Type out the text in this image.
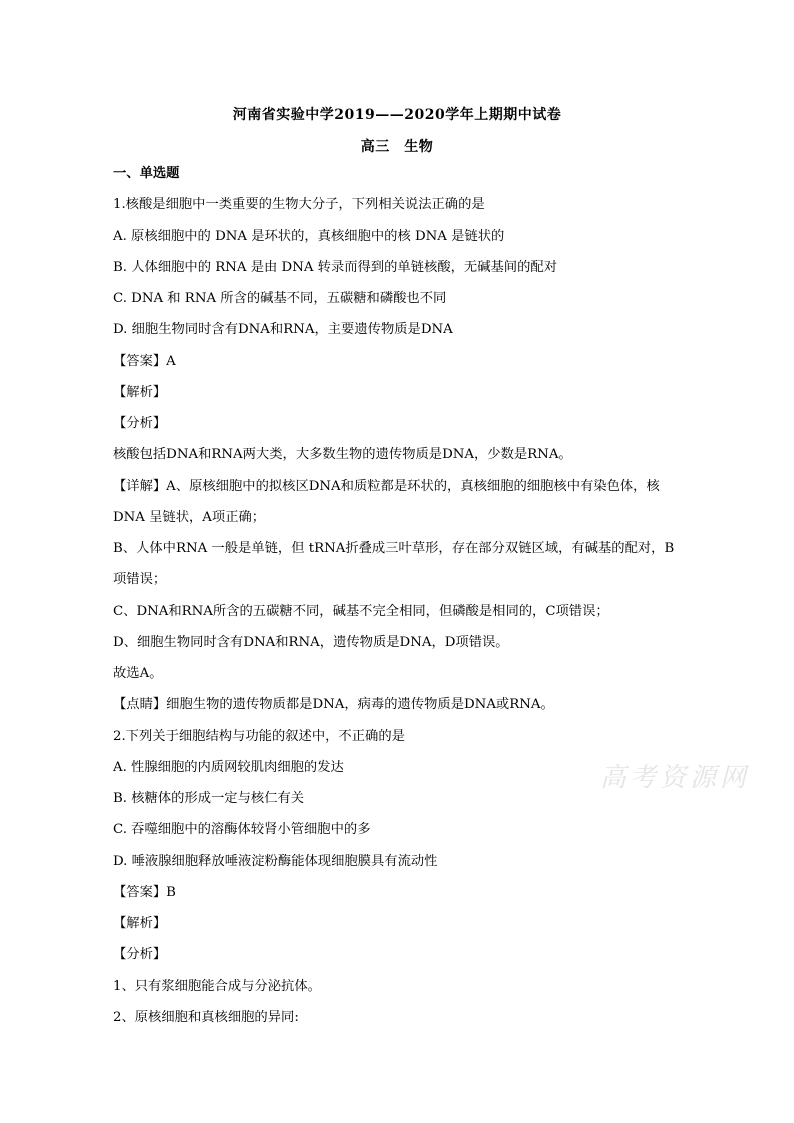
河南省实验中学2019——2020学年上期期中试卷
高三　生物
一、单选题
1.核酸是细胞中一类重要的生物大分子，下列相关说法正确的是
A. 原核细胞中的 DNA 是环状的，真核细胞中的核 DNA 是链状的
B. 人体细胞中的 RNA 是由 DNA 转录而得到的单链核酸，无碱基间的配对
C. DNA 和 RNA 所含的碱基不同，五碳糖和磷酸也不同
D. 细胞生物同时含有DNA和RNA，主要遗传物质是DNA
【答案】A
【解析】
【分析】
核酸包括DNA和RNA两大类，大多数生物的遗传物质是DNA，少数是RNA。
【详解】A、原核细胞中的拟核区DNA和质粒都是环状的，真核细胞的细胞核中有染色体，核
DNA 呈链状，A项正确；
B、人体中RNA 一般是单链，但 tRNA折叠成三叶草形，存在部分双链区域，有碱基的配对，B
项错误；
C、DNA和RNA所含的五碳糖不同，碱基不完全相同，但磷酸是相同的，C项错误；
D、细胞生物同时含有DNA和RNA，遗传物质是DNA，D项错误。
故选A。
【点睛】细胞生物的遗传物质都是DNA，病毒的遗传物质是DNA或RNA。
2.下列关于细胞结构与功能的叙述中，不正确的是
A. 性腺细胞的内质网较肌肉细胞的发达
B. 核糖体的形成一定与核仁有关
C. 吞噬细胞中的溶酶体较肾小管细胞中的多
D. 唾液腺细胞释放唾液淀粉酶能体现细胞膜具有流动性
【答案】B
【解析】
【分析】
1、只有浆细胞能合成与分泌抗体。
2、原核细胞和真核细胞的异同:
高考资源网
